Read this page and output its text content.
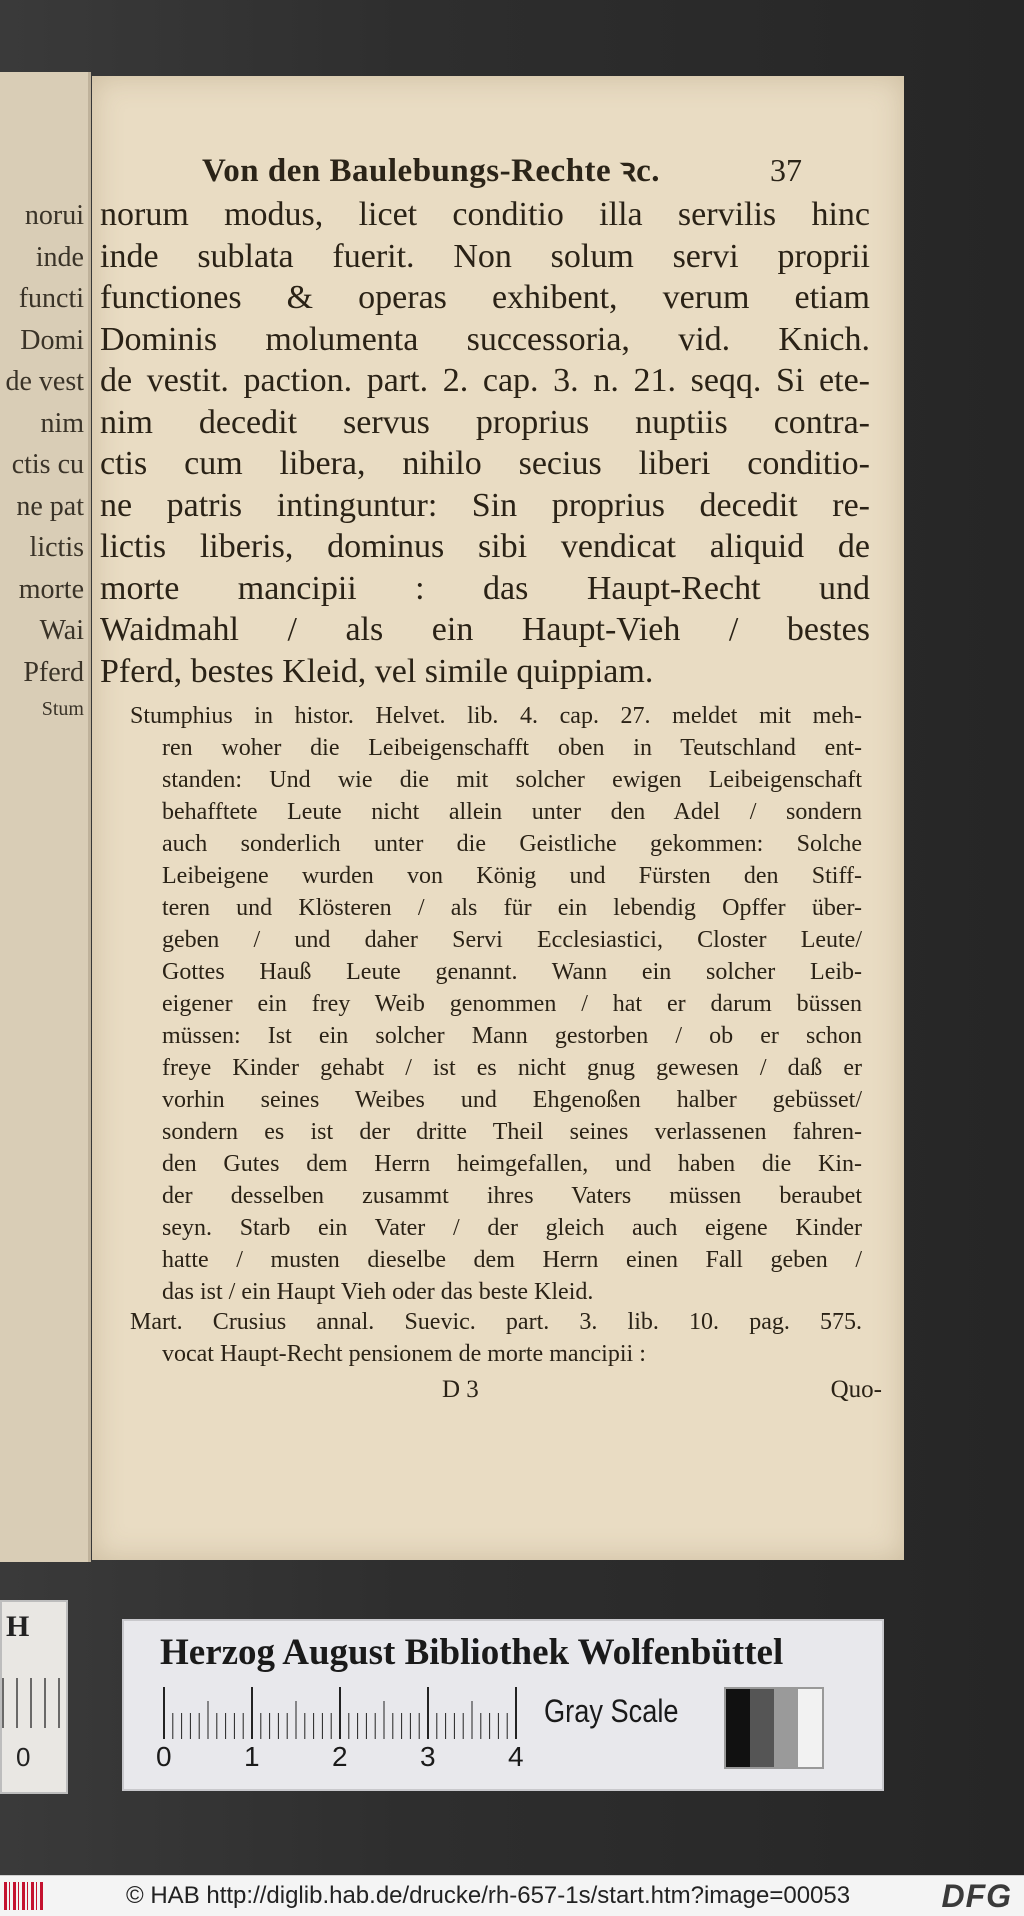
norui
inde
functi
Domi
de vest
nim
ctis cu
ne pat
lictis
morte
Wai
Pferd
Stum
H
0
Von den Baulebungs-Rechte ꝛc.	37
norum modus, licet conditio illa servilis hinc
inde sublata fuerit. Non solum servi proprii
functiones & operas exhibent, verum etiam
Dominis molumenta successoria, vid. Knich.
de vestit. paction. part. 2. cap. 3. n. 21. seqq. Si ete-
nim decedit servus proprius nuptiis contra-
ctis cum libera, nihilo secius liberi conditio-
ne patris intinguntur: Sin proprius decedit re-
lictis liberis, dominus sibi vendicat aliquid de
morte mancipii : das Haupt-Recht und
Waidmahl / als ein Haupt-Vieh / bestes
Pferd, bestes Kleid, vel simile quippiam.
Stumphius in histor. Helvet. lib. 4. cap. 27. meldet mit meh-
ren woher die Leibeigenschafft oben in Teutschland ent-
standen: Und wie die mit solcher ewigen Leibeigenschaft
behafftete Leute nicht allein unter den Adel / sondern
auch sonderlich unter die Geistliche gekommen: Solche
Leibeigene wurden von König und Fürsten den Stiff-
teren und Klösteren / als für ein lebendig Opffer über-
geben / und daher Servi Ecclesiastici, Closter Leute/
Gottes Hauß Leute genannt. Wann ein solcher Leib-
eigener ein frey Weib genommen / hat er darum büssen
müssen: Ist ein solcher Mann gestorben / ob er schon
freye Kinder gehabt / ist es nicht gnug gewesen / daß er
vorhin seines Weibes und Ehgenoßen halber gebüsset/
sondern es ist der dritte Theil seines verlassenen fahren-
den Gutes dem Herrn heimgefallen, und haben die Kin-
der desselben zusammt ihres Vaters müssen beraubet
seyn. Starb ein Vater / der gleich auch eigene Kinder
hatte / musten dieselbe dem Herrn einen Fall geben /
das ist / ein Haupt Vieh oder das beste Kleid.
Mart. Crusius annal. Suevic. part. 3. lib. 10. pag. 575.
vocat Haupt-Recht pensionem de morte mancipii :
D 3	Quo-
Herzog August Bibliothek Wolfenbüttel
0	1	2	3	4
Gray Scale
© HAB http://diglib.hab.de/drucke/rh-657-1s/start.htm?image=00053	DFG
